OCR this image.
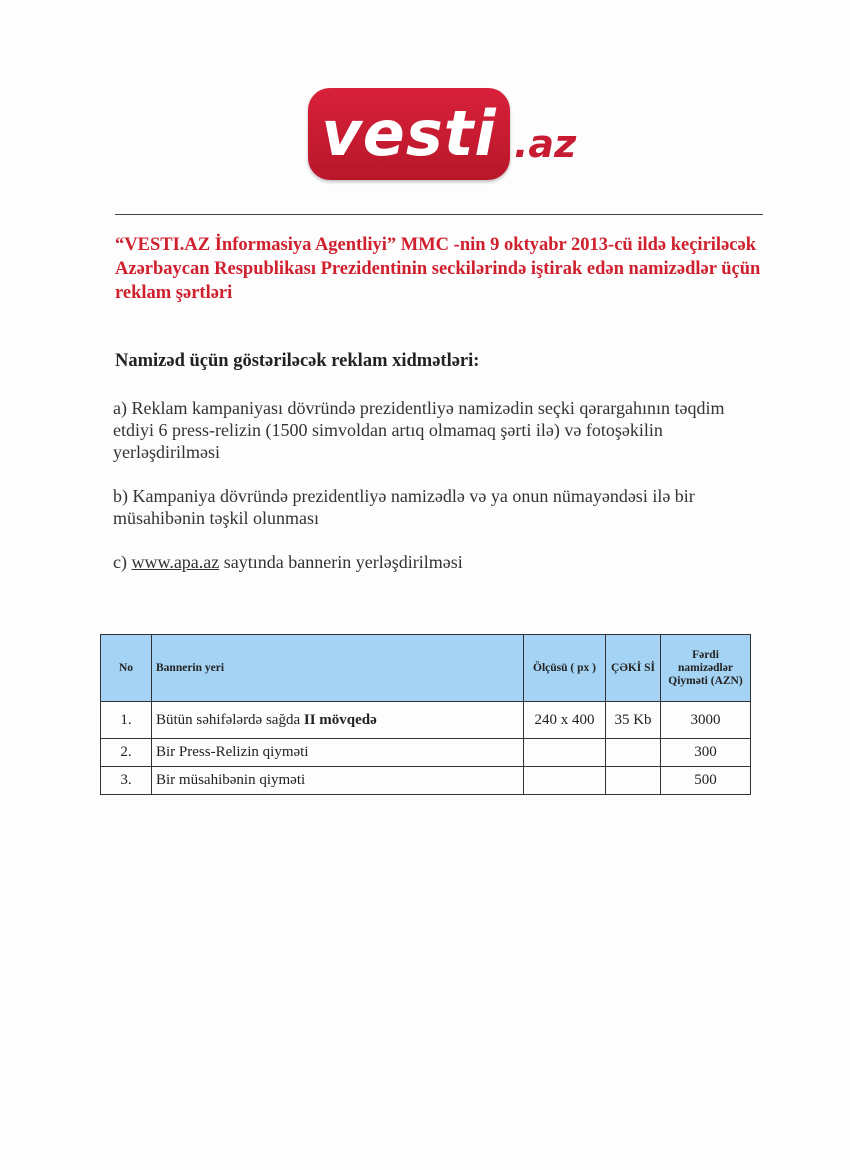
vesti .az

“VESTI.AZ İnformasiya Agentliyi” MMC -nin 9 oktyabr 2013-cü ildə keçiriləcək Azərbaycan Respublikası Prezidentinin seckilərində iştirak edən namizədlər üçün reklam şərtləri

Namizəd üçün göstəriləcək reklam xidmətləri:

a) Reklam kampaniyası dövründə prezidentliyə namizədin seçki qərargahının təqdim etdiyi 6 press-relizin (1500 simvoldan artıq olmamaq şərti ilə) və fotoşəkilin yerləşdirilməsi

b) Kampaniya dövründə prezidentliyə namizədlə və ya onun nümayəndəsi ilə bir müsahibənin təşkil olunması

c) www.apa.az saytında bannerin yerləşdirilməsi

No	Bannerin yeri	Ölçüsü ( px )	ÇƏKİ Sİ	Fərdi namizədlər Qiyməti (AZN)
1.	Bütün səhifələrdə sağda II mövqedə	240 x 400	35 Kb	3000
2.	Bir Press-Relizin qiyməti			300
3.	Bir müsahibənin qiyməti			500
